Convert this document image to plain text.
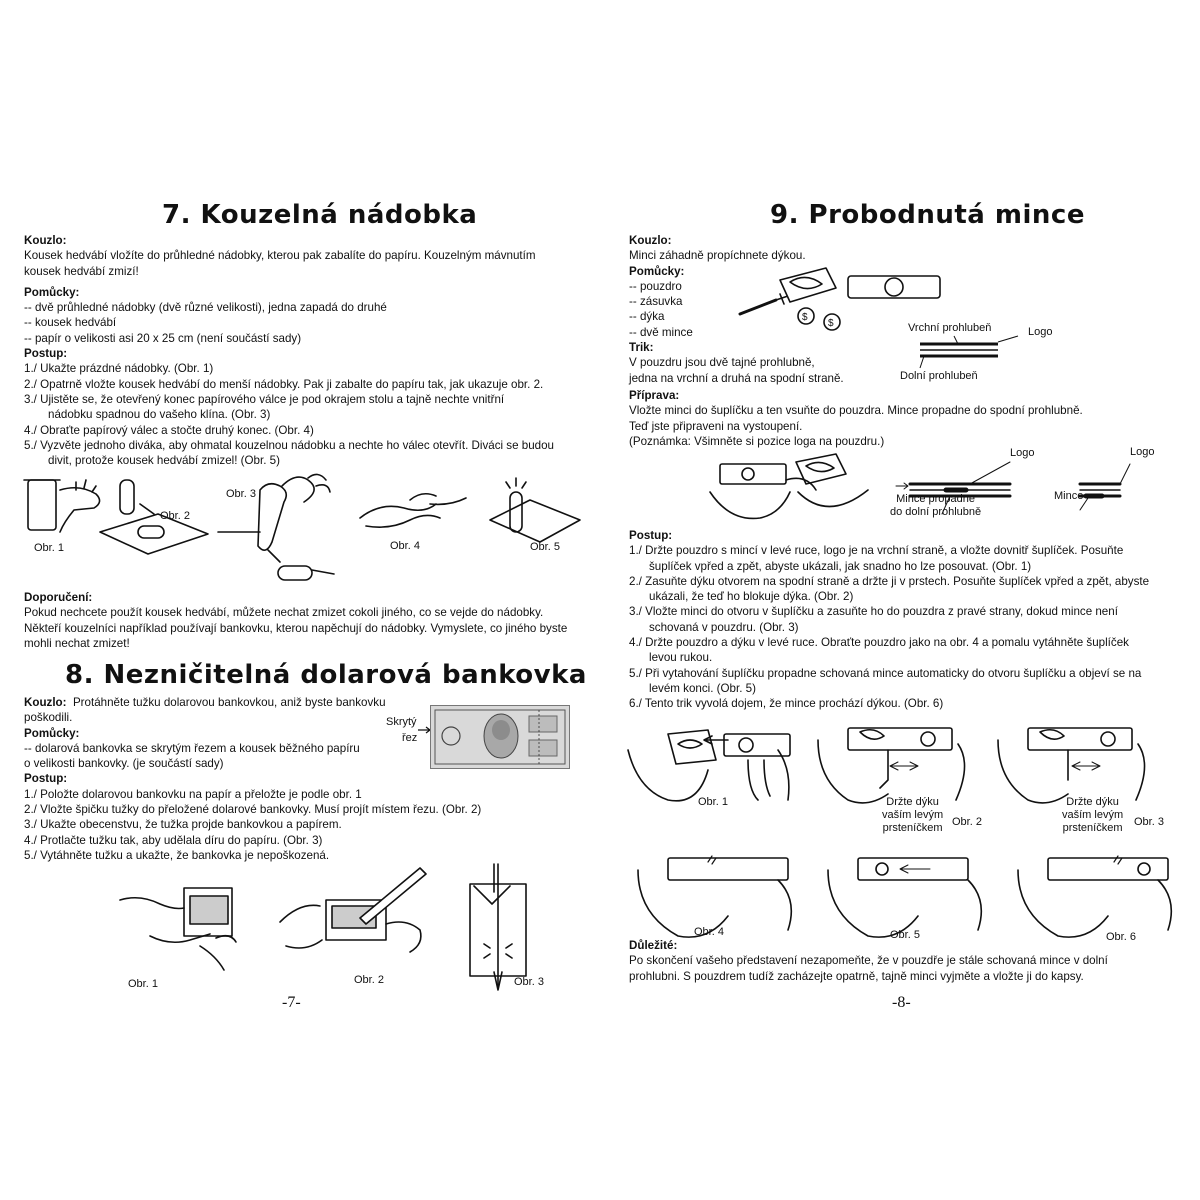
7. Kouzelná nádobka
Kouzlo:
Kousek hedvábí vložíte do průhledné nádobky, kterou pak zabalíte do papíru. Kouzelným mávnutím
kousek hedvábí zmizí!
Pomůcky:
-- dvě průhledné nádobky (dvě různé velikosti), jedna zapadá do druhé
-- kousek hedvábí
-- papír o velikosti asi 20 x 25 cm (není součástí sady)
Postup:
1./ Ukažte prázdné nádobky. (Obr. 1)
2./ Opatrně vložte kousek hedvábí do menší nádobky. Pak ji zabalte do papíru tak, jak ukazuje obr. 2.
3./ Ujistěte se, že otevřený konec papírového válce je pod okrajem stolu a tajně nechte vnitřní
nádobku spadnou do vašeho klína. (Obr. 3)
4./ Obraťte papírový válec a stočte druhý konec. (Obr. 4)
5./ Vyzvěte jednoho diváka, aby ohmatal kouzelnou nádobku a nechte ho válec otevřít. Diváci se budou
divit, protože kousek hedvábí zmizel! (Obr. 5)
Obr. 1
Obr. 2
Obr. 3
Obr. 4	Obr. 5
Doporučení:
Pokud nechcete použít kousek hedvábí, můžete nechat zmizet cokoli jiného, co se vejde do nádobky.
Někteří kouzelníci například používají bankovku, kterou napěchují do nádobky. Vymyslete, co jiného byste
mohli nechat zmizet!
8. Nezničitelná dolarová bankovka
Kouzlo: Protáhněte tužku dolarovou bankovkou, aniž byste bankovku
poškodili.
Pomůcky:
-- dolarová bankovka se skrytým řezem a kousek běžného papíru
o velikosti bankovky. (je součástí sady)
Postup:
1./ Položte dolarovou bankovku na papír a přeložte je podle obr. 1
2./ Vložte špičku tužky do přeložené dolarové bankovky. Musí projít místem řezu. (Obr. 2)
3./ Ukažte obecenstvu, že tužka projde bankovkou a papírem.
4./ Protlačte tužku tak, aby udělala díru do papíru. (Obr. 3)
5./ Vytáhněte tužku a ukažte, že bankovka je nepoškozená.
Skrytý
řez
Obr. 1	Obr. 2	Obr. 3
-7-
9. Probodnutá mince
Kouzlo:
Minci záhadně propíchnete dýkou.
Pomůcky:
-- pouzdro
-- zásuvka
-- dýka
-- dvě mince
Trik:
V pouzdru jsou dvě tajné prohlubně,
jedna na vrchní a druhá na spodní straně.
$
$	Vrchní prohlubeň	Logo
Dolní prohlubeň
Příprava:
Vložte minci do šuplíčku a ten vsuňte do pouzdra. Mince propadne do spodní prohlubně.
Teď jste připraveni na vystoupení.
(Poznámka: Všimněte si pozice loga na pouzdru.)
Logo	Logo
Mince propadne
do dolní prohlubně
Mince
Postup:
1./ Držte pouzdro s mincí v levé ruce, logo je na vrchní straně, a vložte dovnitř šuplíček. Posuňte
šuplíček vpřed a zpět, abyste ukázali, jak snadno ho lze posouvat. (Obr. 1)
2./ Zasuňte dýku otvorem na spodní straně a držte ji v prstech. Posuňte šuplíček vpřed a zpět, abyste
ukázali, že teď ho blokuje dýka. (Obr. 2)
3./ Vložte minci do otvoru v šuplíčku a zasuňte ho do pouzdra z pravé strany, dokud mince není
schovaná v pouzdru. (Obr. 3)
4./ Držte pouzdro a dýku v levé ruce. Obraťte pouzdro jako na obr. 4 a pomalu vytáhněte šuplíček
levou rukou.
5./ Při vytahování šuplíčku propadne schovaná mince automaticky do otvoru šuplíčku a objeví se na
levém konci. (Obr. 5)
6./ Tento trik vyvolá dojem, že mince prochází dýkou. (Obr. 6)
Obr. 1	Držte dýku
vaším levým
prsteníčkem Obr. 2
Držte dýku
vaším levým
prsteníčkem Obr. 3
Obr. 4	Obr. 5	Obr. 6
Důležité:
Po skončení vašeho představení nezapomeňte, že v pouzdře je stále schovaná mince v dolní
prohlubni. S pouzdrem tudíž zacházejte opatrně, tajně minci vyjměte a vložte ji do kapsy.
-8-
